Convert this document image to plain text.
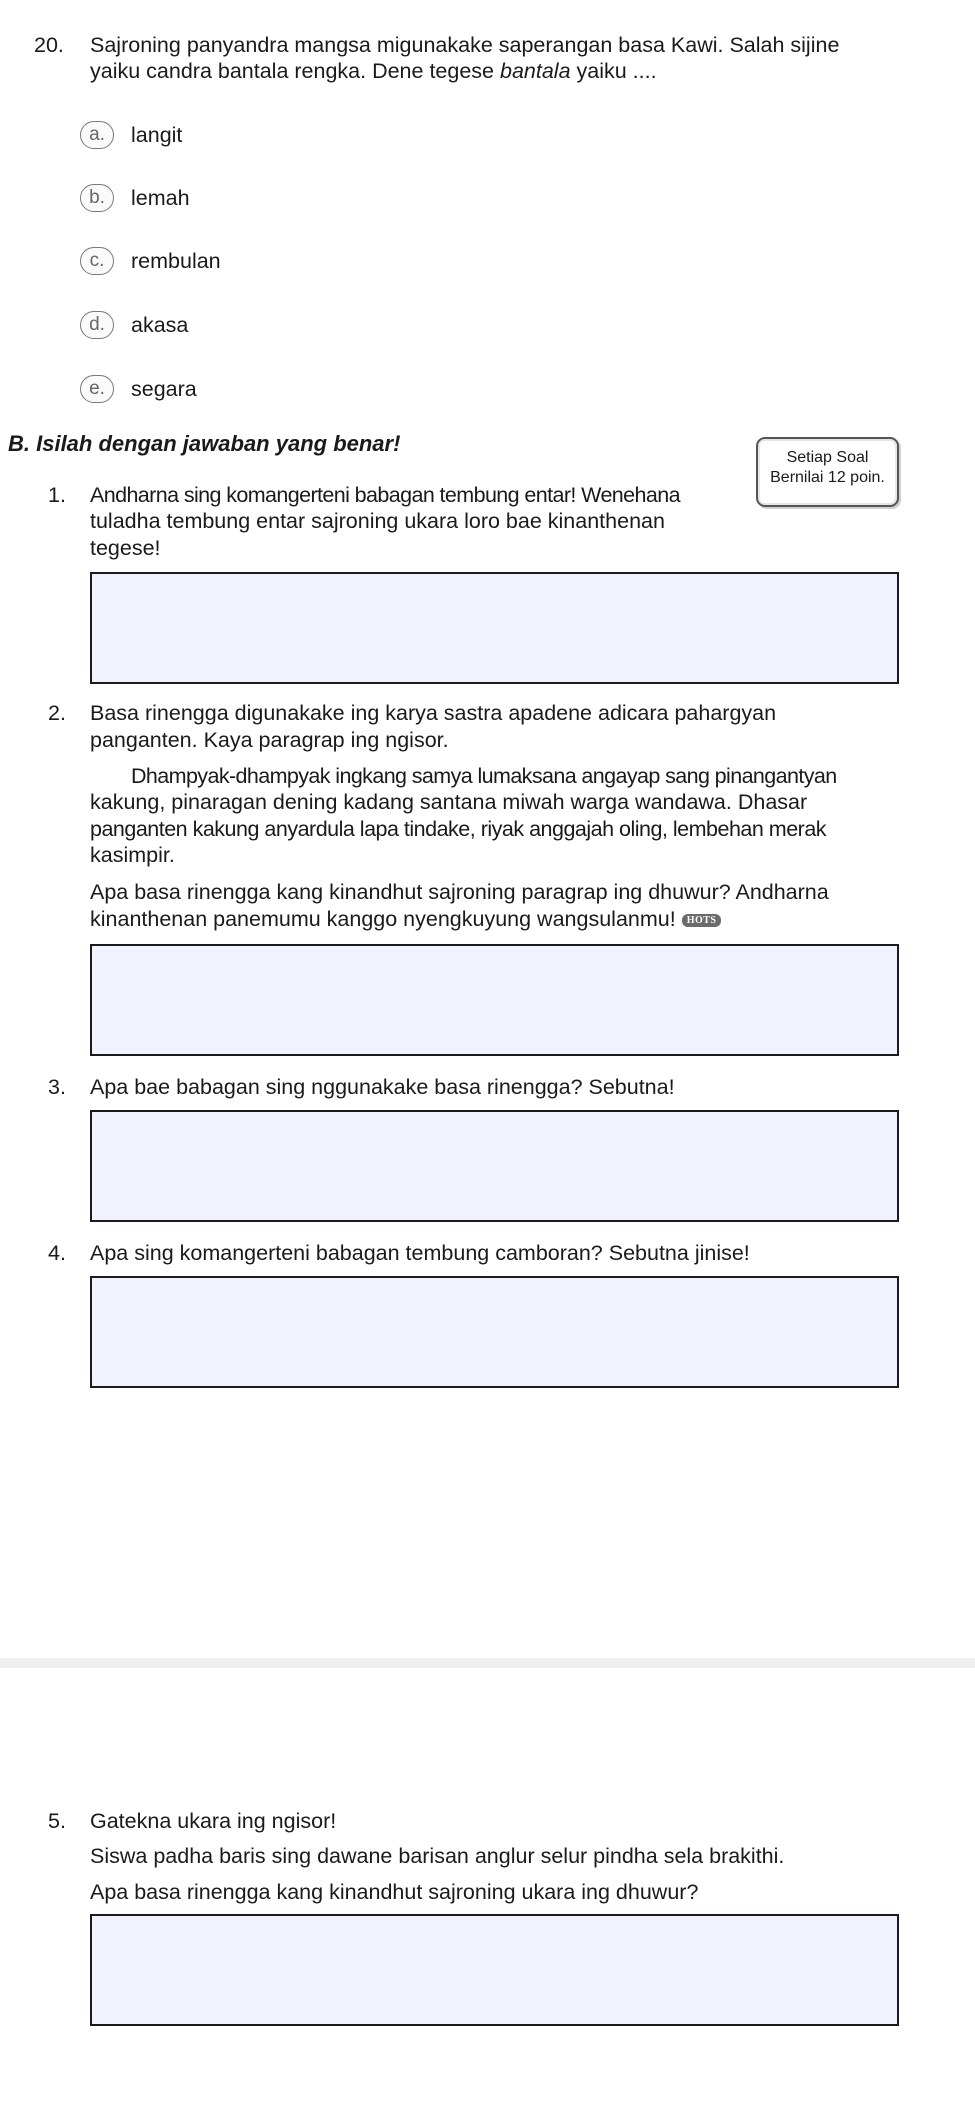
20. Sajroning panyandra mangsa migunakake saperangan basa Kawi. Salah sijine
yaiku candra bantala rengka. Dene tegese bantala yaiku ....
a.	langit
b.	lemah
c.	rembulan
d.	akasa
e.	segara
B. Isilah dengan jawaban yang benar!
Setiap Soal
Bernilai 12 poin.
1. Andharna sing komangerteni babagan tembung entar! Wenehana
tuladha tembung entar sajroning ukara loro bae kinanthenan
tegese!
2. Basa rinengga digunakake ing karya sastra apadene adicara pahargyan
panganten. Kaya paragrap ing ngisor.
Dhampyak-dhampyak ingkang samya lumaksana angayap sang pinangantyan
kakung, pinaragan dening kadang santana miwah warga wandawa. Dhasar
panganten kakung anyardula lapa tindake, riyak anggajah oling, lembehan merak
kasimpir.
Apa basa rinengga kang kinandhut sajroning paragrap ing dhuwur? Andharna
kinanthenan panemumu kanggo nyengkuyung wangsulanmu! HOTS
3. Apa bae babagan sing nggunakake basa rinengga? Sebutna!
4. Apa sing komangerteni babagan tembung camboran? Sebutna jinise!
5. Gatekna ukara ing ngisor!
Siswa padha baris sing dawane barisan anglur selur pindha sela brakithi.
Apa basa rinengga kang kinandhut sajroning ukara ing dhuwur?
